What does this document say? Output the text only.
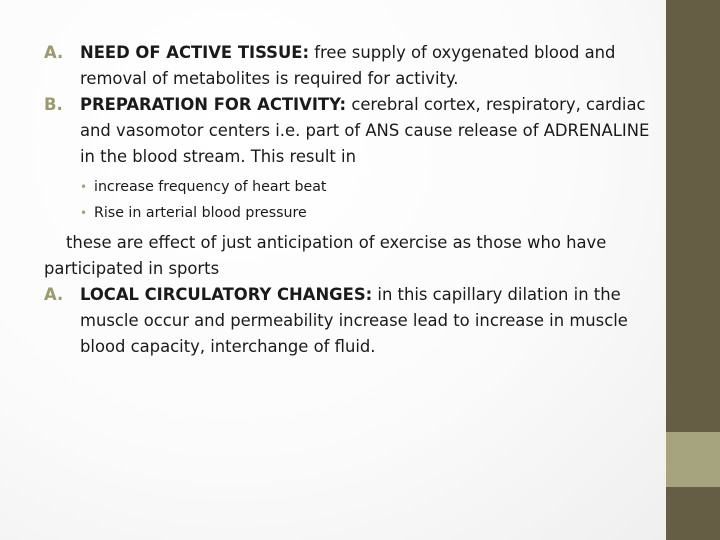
A. NEED OF ACTIVE TISSUE: free supply of oxygenated blood and removal of metabolites is required for activity.
B. PREPARATION FOR ACTIVITY: cerebral cortex, respiratory, cardiac and vasomotor centers i.e. part of ANS cause release of ADRENALINE in the blood stream. This result in
• increase frequency of heart beat
• Rise in arterial blood pressure
these are effect of just anticipation of exercise as those who have participated in sports
A. LOCAL CIRCULATORY CHANGES: in this capillary dilation in the muscle occur and permeability increase lead to increase in muscle blood capacity, interchange of fluid.
